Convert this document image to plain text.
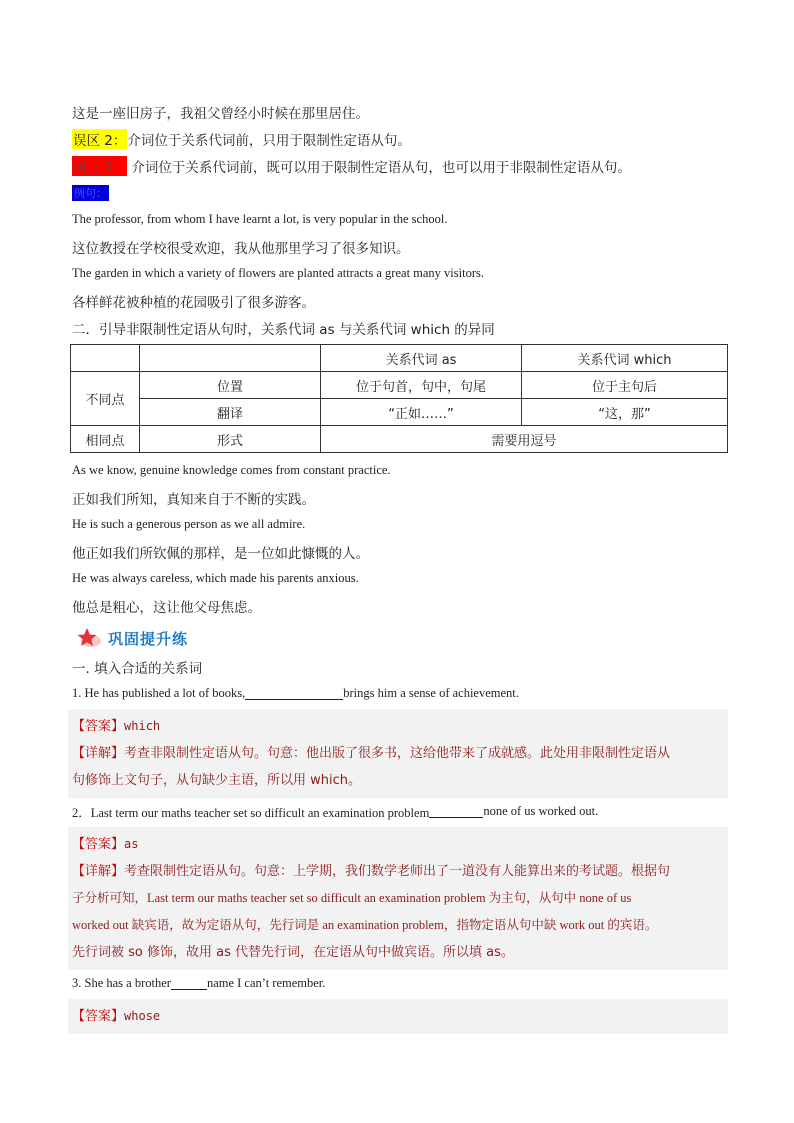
这是一座旧房子，我祖父曾经小时候在那里居住。
误区 2： 介词位于关系代词前，只用于限制性定语从句。
纠正 2： 介词位于关系代词前，既可以用于限制性定语从句，也可以用于非限制性定语从句。
例句：
The professor, from whom I have learnt a lot, is very popular in the school.
这位教授在学校很受欢迎，我从他那里学习了很多知识。
The garden in which a variety of flowers are planted attracts a great many visitors.
各样鲜花被种植的花园吸引了很多游客。
二．引导非限制性定语从句时，关系代词 as 与关系代词 which 的异同
		关系代词 as	关系代词 which
不同点	位置	位于句首，句中，句尾	位于主句后
	翻译	“正如……”	“这，那”
相同点	形式	需要用逗号	
As we know, genuine knowledge comes from constant practice.
正如我们所知，真知来自于不断的实践。
He is such a generous person as we all admire.
他正如我们所钦佩的那样，是一位如此慷慨的人。
He was always careless, which made his parents anxious.
他总是粗心，这让他父母焦虑。
巩固提升练
一. 填入合适的关系词
1. He has published a lot of books,	brings him a sense of achievement.

【答案】which

【详解】考查非限制性定语从句。句意：他出版了很多书，这给他带来了成就感。此处用非限制性定语从

句修饰上文句子，从句缺少主语，所以用 which。

2．Last term our maths teacher set so difficult an examination problem	none of us worked out.

【答案】as

【详解】考查限制性定语从句。句意：上学期，我们数学老师出了一道没有人能算出来的考试题。根据句

子分析可知，Last term our maths teacher set so difficult an examination problem 为主句，从句中 none of us

worked out 缺宾语，故为定语从句，先行词是 an examination problem，指物定语从句中缺 work out 的宾语。

先行词被 so 修饰，故用 as 代替先行词，在定语从句中做宾语。所以填 as。

3. She has a brother	name I can’t remember.

【答案】whose
